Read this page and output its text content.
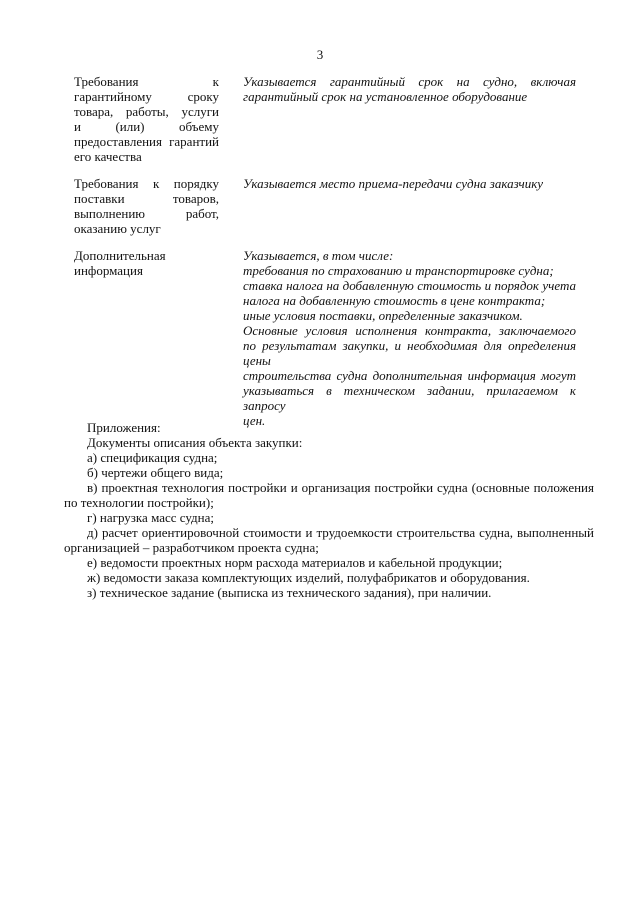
3
Требования к
гарантийному сроку
товара, работы, услуги
и (или) объему
предоставления гарантий
его качества
Указывается гарантийный срок на судно, включая
гарантийный срок на установленное оборудование
Требования к порядку
поставки товаров,
выполнению работ,
оказанию услуг
Указывается место приема-передачи судна заказчику
Дополнительная
информация
Указывается, в том числе:
требования по страхованию и транспортировке судна;
ставка налога на добавленную стоимость и порядок учета
налога на добавленную стоимость в цене контракта;
иные условия поставки, определенные заказчиком.
Основные условия исполнения контракта, заключаемого
по результатам закупки, и необходимая для определения цены
строительства судна дополнительная информация могут
указываться в техническом задании, прилагаемом к запросу
цен.
Приложения:
Документы описания объекта закупки:
а) спецификация судна;
б) чертежи общего вида;
в) проектная технология постройки и организация постройки судна (основные положения по технологии постройки);
г) нагрузка масс судна;
д) расчет ориентировочной стоимости и трудоемкости строительства судна, выполненный организацией – разработчиком проекта судна;
е) ведомости проектных норм расхода материалов и кабельной продукции;
ж) ведомости заказа комплектующих изделий, полуфабрикатов и оборудования.
з) техническое задание (выписка из технического задания), при наличии.
